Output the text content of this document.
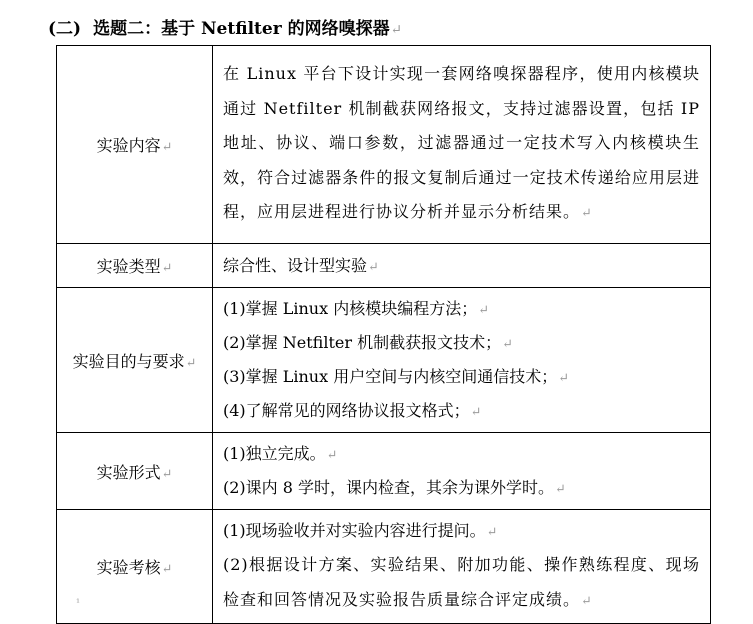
(二) 选题二：基于 Netfilter 的网络嗅探器↵
实验内容↵	在 Linux 平台下设计实现一套网络嗅探器程序，使用内核模块通过 Netfilter 机制截获网络报文，支持过滤器设置，包括 IP 地址、协议、端口参数，过滤器通过一定技术写入内核模块生效，符合过滤器条件的报文复制后通过一定技术传递给应用层进程，应用层进程进行协议分析并显示分析结果。↵

实验类型↵	综合性、设计型实验↵

实验目的与要求↵	(1)掌握 Linux 内核模块编程方法；↵
(2)掌握 Netfilter 机制截获报文技术；↵
(3)掌握 Linux 用户空间与内核空间通信技术；↵
(4)了解常见的网络协议报文格式；↵

实验形式↵	(1)独立完成。↵
(2)课内 8 学时，课内检查，其余为课外学时。↵

实验考核↵	(1)现场验收并对实验内容进行提问。↵
(2)根据设计方案、实验结果、附加功能、操作熟练程度、现场检查和回答情况及实验报告质量综合评定成绩。↵
¹
